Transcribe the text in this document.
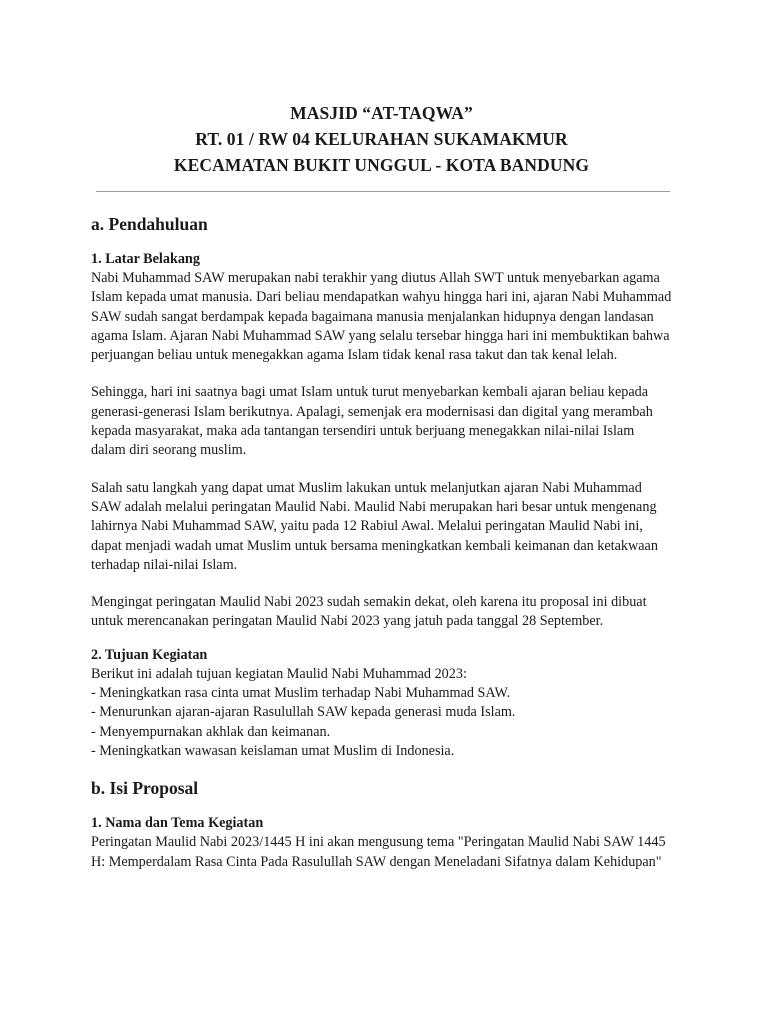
MASJID “AT-TAQWA”
RT. 01 / RW 04 KELURAHAN SUKAMAKMUR
KECAMATAN BUKIT UNGGUL - KOTA BANDUNG
a. Pendahuluan
1. Latar Belakang

Nabi Muhammad SAW merupakan nabi terakhir yang diutus Allah SWT untuk menyebarkan agama Islam kepada umat manusia. Dari beliau mendapatkan wahyu hingga hari ini, ajaran Nabi Muhammad SAW sudah sangat berdampak kepada bagaimana manusia menjalankan hidupnya dengan landasan agama Islam. Ajaran Nabi Muhammad SAW yang selalu tersebar hingga hari ini membuktikan bahwa perjuangan beliau untuk menegakkan agama Islam tidak kenal rasa takut dan tak kenal lelah.

Sehingga, hari ini saatnya bagi umat Islam untuk turut menyebarkan kembali ajaran beliau kepada generasi-generasi Islam berikutnya. Apalagi, semenjak era modernisasi dan digital yang merambah kepada masyarakat, maka ada tantangan tersendiri untuk berjuang menegakkan nilai-nilai Islam dalam diri seorang muslim.

Salah satu langkah yang dapat umat Muslim lakukan untuk melanjutkan ajaran Nabi Muhammad SAW adalah melalui peringatan Maulid Nabi. Maulid Nabi merupakan hari besar untuk mengenang lahirnya Nabi Muhammad SAW, yaitu pada 12 Rabiul Awal. Melalui peringatan Maulid Nabi ini, dapat menjadi wadah umat Muslim untuk bersama meningkatkan kembali keimanan dan ketakwaan terhadap nilai-nilai Islam.

Mengingat peringatan Maulid Nabi 2023 sudah semakin dekat, oleh karena itu proposal ini dibuat untuk merencanakan peringatan Maulid Nabi 2023 yang jatuh pada tanggal 28 September.

2. Tujuan Kegiatan

Berikut ini adalah tujuan kegiatan Maulid Nabi Muhammad 2023:

- Meningkatkan rasa cinta umat Muslim terhadap Nabi Muhammad SAW.
- Menurunkan ajaran-ajaran Rasulullah SAW kepada generasi muda Islam.
- Menyempurnakan akhlak dan keimanan.
- Meningkatkan wawasan keislaman umat Muslim di Indonesia.
b. Isi Proposal
1. Nama dan Tema Kegiatan

Peringatan Maulid Nabi 2023/1445 H ini akan mengusung tema "Peringatan Maulid Nabi SAW 1445 H: Memperdalam Rasa Cinta Pada Rasulullah SAW dengan Meneladani Sifatnya dalam Kehidupan"
